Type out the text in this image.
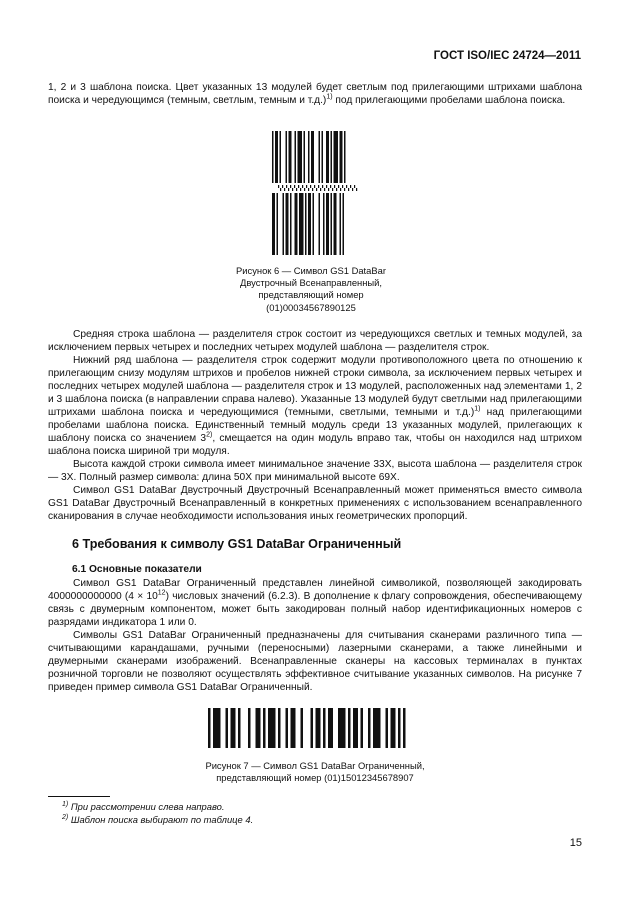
ГОСТ ISO/IEC 24724—2011

1, 2 и 3 шаблона поиска. Цвет указанных 13 модулей будет светлым под прилегающими штрихами шаблона поиска и чередующимся (темным, светлым, темным и т.д.)$^{1)}$ под прилегающими пробелами шаблона поиска.

Рисунок 6 — Символ GS1 DataBar Двустрочный Всенаправленный, представляющий номер (01)00034567890125

Средняя строка шаблона — разделителя строк состоит из чередующихся светлых и темных модулей, за исключением первых четырех и последних четырех модулей шаблона — разделителя строк.

Нижний ряд шаблона — разделителя строк содержит модули противоположного цвета по отношению к прилегающим снизу модулям штрихов и пробелов нижней строки символа, за исключением первых четырех и последних четырех модулей шаблона — разделителя строк и 13 модулей, расположенных над элементами 1, 2 и 3 шаблона поиска (в направлении справа налево). Указанные 13 модулей будут светлыми над прилегающими штрихами шаблона поиска и чередующимися (темными, светлыми, темными и т.д.)$^{1)}$ над прилегающими пробелами шаблона поиска. Единственный темный модуль среди 13 указанных модулей, прилегающих к шаблону поиска со значением 3$^{2)}$, смещается на один модуль вправо так, чтобы он находился над штрихом шаблона поиска шириной три модуля.

Высота каждой строки символа имеет минимальное значение 33X, высота шаблона — разделителя строк — 3X. Полный размер символа: длина 50X при минимальной высоте 69X.

Символ GS1 DataBar Двустрочный Двустрочный Всенаправленный может применяться вместо символа GS1 DataBar Двустрочный Всенаправленный в конкретных применениях с использованием всенаправленного сканирования в случае необходимости использования иных геометрических пропорций.

6 Требования к символу GS1 DataBar Ограниченный
6.1 Основные показатели

Символ GS1 DataBar Ограниченный представлен линейной символикой, позволяющей закодировать 4000000000000 $(4 \times 10^{12})$ числовых значений (6.2.3). В дополнение к флагу сопровождения, обеспечивающему связь с двумерным компонентом, может быть закодирован полный набор идентификационных номеров с разрядами индикатора 1 или 0.

Символы GS1 DataBar Ограниченный предназначены для считывания сканерами различного типа — считывающими карандашами, ручными (переносными) лазерными сканерами, а также линейными и двумерными сканерами изображений. Всенаправленные сканеры на кассовых терминалах в пунктах розничной торговли не позволяют осуществлять эффективное считывание указанных символов. На рисунке 7 приведен пример символа GS1 DataBar Ограниченный.

Рисунок 7 — Символ GS1 DataBar Ограниченный,
представляющий номер (01)15012345678907

$^{1)}$ При рассмотрении слева направо.
$^{2)}$ Шаблон поиска выбирают по таблице 4.
15
